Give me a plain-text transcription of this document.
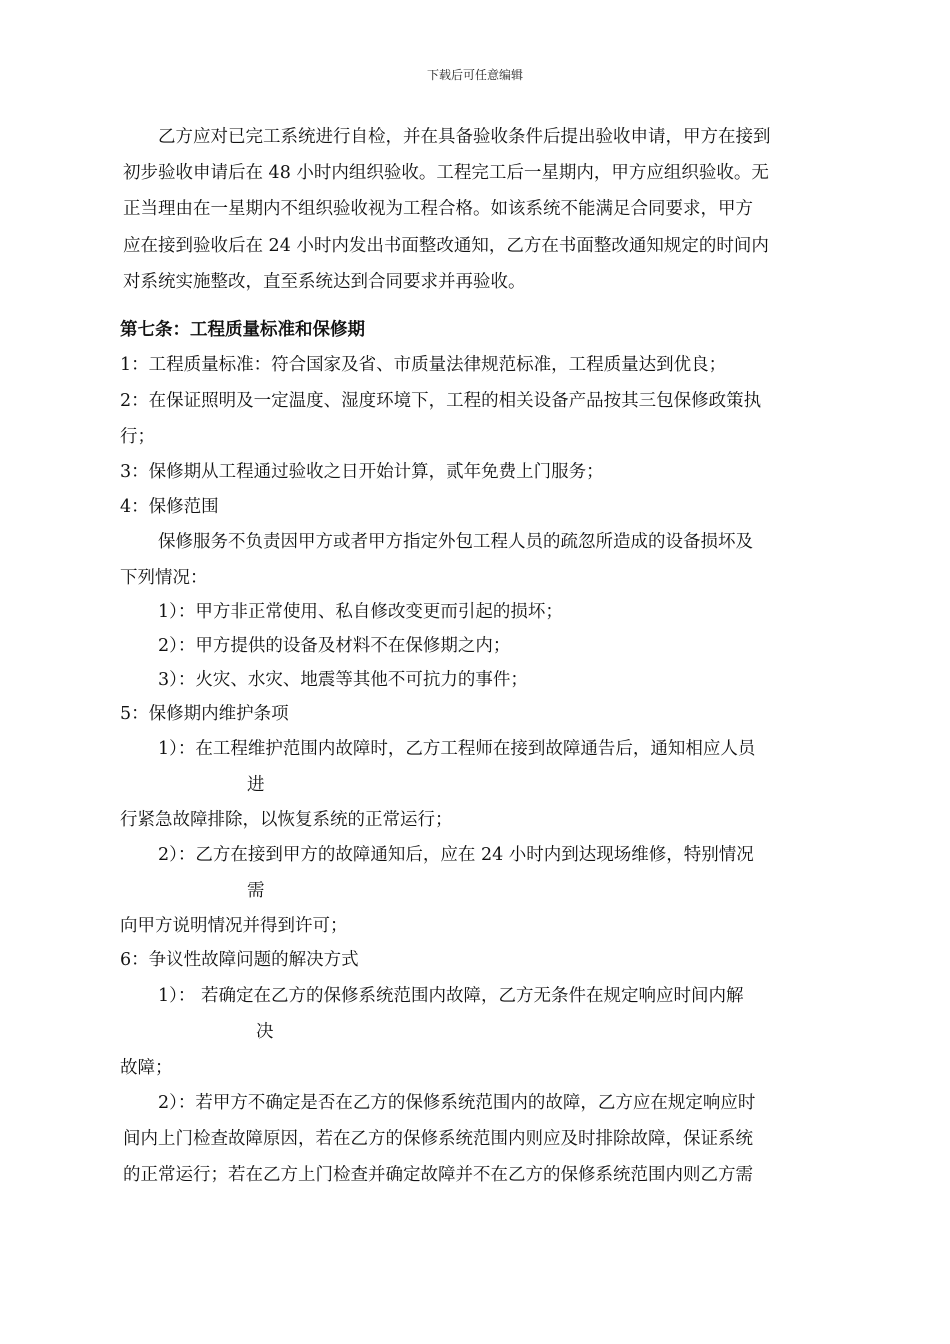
下载后可任意编辑
乙方应对已完工系统进行自检，并在具备验收条件后提出验收申请，甲方在接到
初步验收申请后在 48 小时内组织验收。工程完工后一星期内，甲方应组织验收。无
正当理由在一星期内不组织验收视为工程合格。如该系统不能满足合同要求，甲方
应在接到验收后在 24 小时内发出书面整改通知，乙方在书面整改通知规定的时间内
对系统实施整改，直至系统达到合同要求并再验收。
第七条：工程质量标准和保修期
1：工程质量标准：符合国家及省、市质量法律规范标准，工程质量达到优良；
2：在保证照明及一定温度、湿度环境下，工程的相关设备产品按其三包保修政策执
行；
3：保修期从工程通过验收之日开始计算，贰年免费上门服务；
4：保修范围
保修服务不负责因甲方或者甲方指定外包工程人员的疏忽所造成的设备损坏及
下列情况：
1）：甲方非正常使用、私自修改变更而引起的损坏；
2）：甲方提供的设备及材料不在保修期之内；
3）：火灾、水灾、地震等其他不可抗力的事件；
5：保修期内维护条项
1）：在工程维护范围内故障时，乙方工程师在接到故障通告后，通知相应人员
进
行紧急故障排除，以恢复系统的正常运行；
2）：乙方在接到甲方的故障通知后，应在 24 小时内到达现场维修，特别情况
需
向甲方说明情况并得到许可；
6：争议性故障问题的解决方式
1）： 若确定在乙方的保修系统范围内故障，乙方无条件在规定响应时间内解
决
故障；
2）：若甲方不确定是否在乙方的保修系统范围内的故障，乙方应在规定响应时
间内上门检查故障原因，若在乙方的保修系统范围内则应及时排除故障，保证系统
的正常运行；若在乙方上门检查并确定故障并不在乙方的保修系统范围内则乙方需
